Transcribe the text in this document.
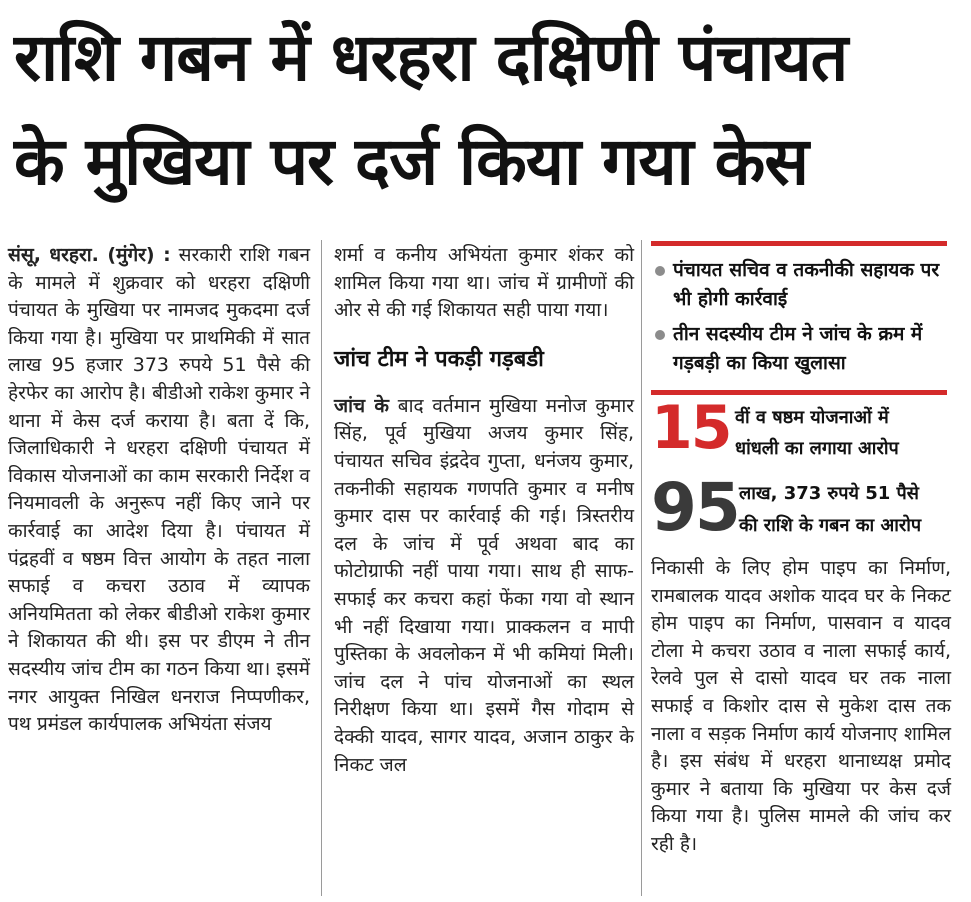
राशि गबन में धरहरा दक्षिणी पंचायत
के मुखिया पर दर्ज किया गया केस

संसू, धरहरा. (मुंगेर) : सरकारी राशि गबन के मामले में शुक्रवार को धरहरा दक्षिणी पंचायत के मुखिया पर नामजद मुकदमा दर्ज किया गया है। मुखिया पर प्राथमिकी में सात लाख 95 हजार 373 रुपये 51 पैसे की हेरफेर का आरोप है। बीडीओ राकेश कुमार ने थाना में केस दर्ज कराया है। बता दें कि, जिलाधिकारी ने धरहरा दक्षिणी पंचायत में विकास योजनाओं का काम सरकारी निर्देश व नियमावली के अनुरूप नहीं किए जाने पर कार्रवाई का आदेश दिया है। पंचायत में पंद्रहवीं व षष्ठम वित्त आयोग के तहत नाला सफाई व कचरा उठाव में व्यापक अनियमितता को लेकर बीडीओ राकेश कुमार ने शिकायत की थी। इस पर डीएम ने तीन सदस्यीय जांच टीम का गठन किया था। इसमें नगर आयुक्त निखिल धनराज निप्पणीकर, पथ प्रमंडल कार्यपालक अभियंता संजय

शर्मा व कनीय अभियंता कुमार शंकर को शामिल किया गया था। जांच में ग्रामीणों की ओर से की गई शिकायत सही पाया गया।

जांच टीम ने पकड़ी गड़बडी

जांच के बाद वर्तमान मुखिया मनोज कुमार सिंह, पूर्व मुखिया अजय कुमार सिंह, पंचायत सचिव इंद्रदेव गुप्ता, धनंजय कुमार, तकनीकी सहायक गणपति कुमार व मनीष कुमार दास पर कार्रवाई की गई। त्रिस्तरीय दल के जांच में पूर्व अथवा बाद का फोटोग्राफी नहीं पाया गया। साथ ही साफ-सफाई कर कचरा कहां फेंका गया वो स्थान भी नहीं दिखाया गया। प्राक्कलन व मापी पुस्तिका के अवलोकन में भी कमियां मिली। जांच दल ने पांच योजनाओं का स्थल निरीक्षण किया था। इसमें गैस गोदाम से देक्की यादव, सागर यादव, अजान ठाकुर के निकट जल

पंचायत सचिव व तकनीकी सहायक पर भी होगी कार्रवाई
तीन सदस्यीय टीम ने जांच के क्रम में गड़बड़ी का किया खुलासा
15 वीं व षष्ठम योजनाओं में
धांधली का लगाया आरोप
95 लाख, 373 रुपये 51 पैसे
की राशि के गबन का आरोप

निकासी के लिए होम पाइप का निर्माण, रामबालक यादव अशोक यादव घर के निकट होम पाइप का निर्माण, पासवान व यादव टोला मे कचरा उठाव व नाला सफाई कार्य, रेलवे पुल से दासो यादव घर तक नाला सफाई व किशोर दास से मुकेश दास तक नाला व सड़क निर्माण कार्य योजनाए शामिल है। इस संबंध में धरहरा थानाध्यक्ष प्रमोद कुमार ने बताया कि मुखिया पर केस दर्ज किया गया है। पुलिस मामले की जांच कर रही है।
